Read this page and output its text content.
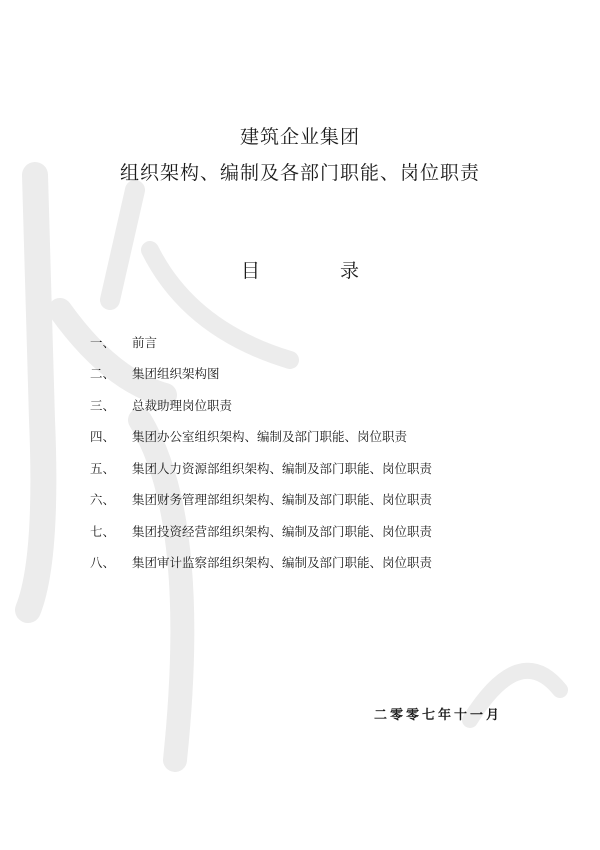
建筑企业集团
组织架构、编制及各部门职能、岗位职责
目	录
一、	前言
二、	集团组织架构图
三、	总裁助理岗位职责
四、	集团办公室组织架构、编制及部门职能、岗位职责
五、	集团人力资源部组织架构、编制及部门职能、岗位职责
六、	集团财务管理部组织架构、编制及部门职能、岗位职责
七、	集团投资经营部组织架构、编制及部门职能、岗位职责
八、	集团审计监察部组织架构、编制及部门职能、岗位职责
二零零七年十一月
